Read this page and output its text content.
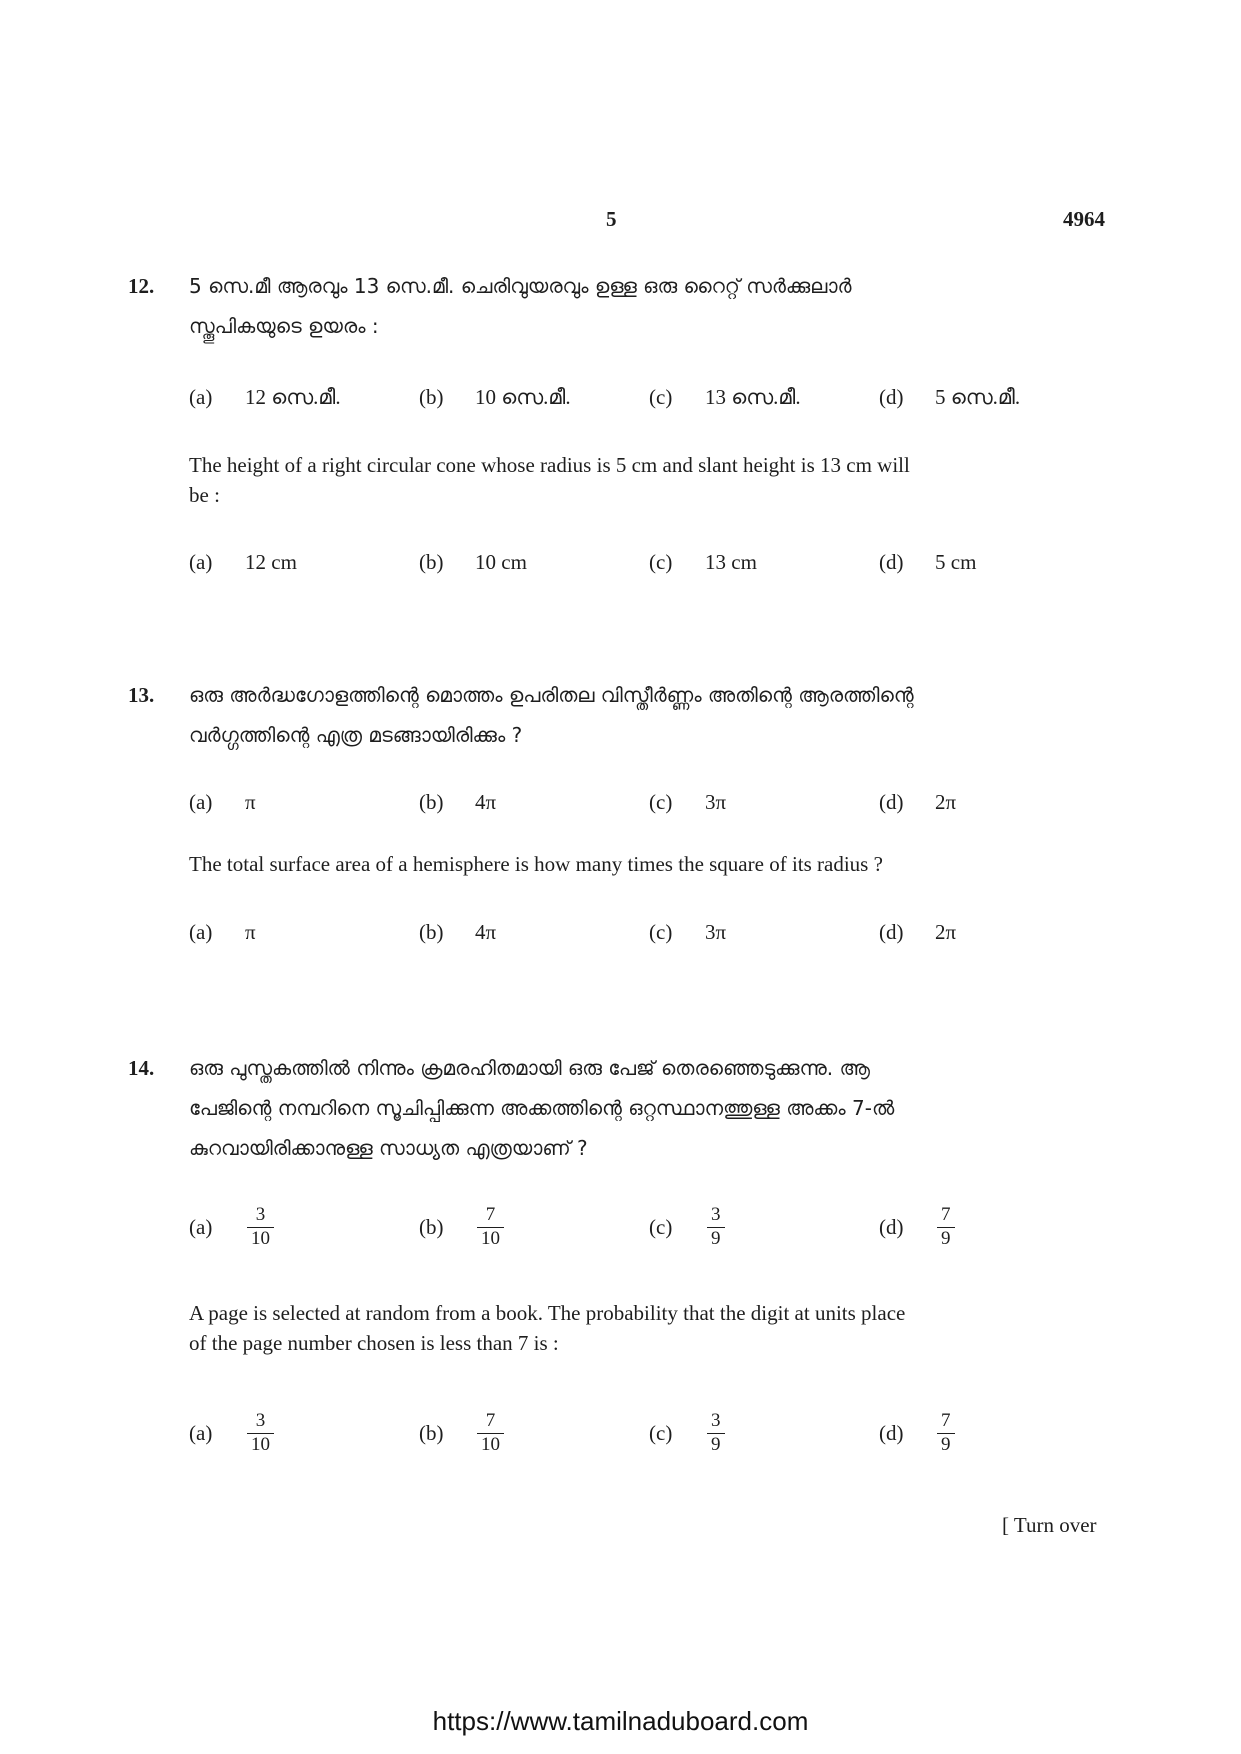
5	4964
12. 5 സെ.മീ ആരവും 13 സെ.മീ. ചെരിവുയരവും ഉള്ള ഒരു റൈറ്റ് സർക്കുലാർ
സ്തൂപികയുടെ ഉയരം :
(a)	12 സെ.മീ.	(b)	10 സെ.മീ.	(c)	13 സെ.മീ.	(d)	5 സെ.മീ.
The height of a right circular cone whose radius is 5 cm and slant height is 13 cm will
be :
(a)	12 cm	(b)	10 cm	(c)	13 cm	(d)	5 cm
13. ഒരു അർദ്ധഗോളത്തിന്റെ മൊത്തം ഉപരിതല വിസ്തീർണ്ണം അതിന്റെ ആരത്തിന്റെ
വർഗ്ഗത്തിന്റെ എത്ര മടങ്ങായിരിക്കും ?
(a)	π	(b)	4π	(c)	3π	(d)	2π
The total surface area of a hemisphere is how many times the square of its radius ?
(a)	π	(b)	4π	(c)	3π	(d)	2π
14. ഒരു പുസ്തകത്തിൽ നിന്നും ക്രമരഹിതമായി ഒരു പേജ് തെരഞ്ഞെടുക്കുന്നു. ആ
പേജിന്റെ നമ്പറിനെ സൂചിപ്പിക്കുന്ന അക്കത്തിന്റെ ഒറ്റസ്ഥാനത്തുള്ള അക്കം 7-ൽ
കുറവായിരിക്കാനുള്ള സാധ്യത എത്രയാണ് ?
(a)	$\frac{3}{10}$	(b)	$\frac{7}{10}$	(c)	$\frac{3}{9}$	(d)	$\frac{7}{9}$
A page is selected at random from a book. The probability that the digit at units place
of the page number chosen is less than 7 is :
(a)	$\frac{3}{10}$	(b)	$\frac{7}{10}$	(c)	$\frac{3}{9}$	(d)	$\frac{7}{9}$
[ Turn over
https://www.tamilnaduboard.com
